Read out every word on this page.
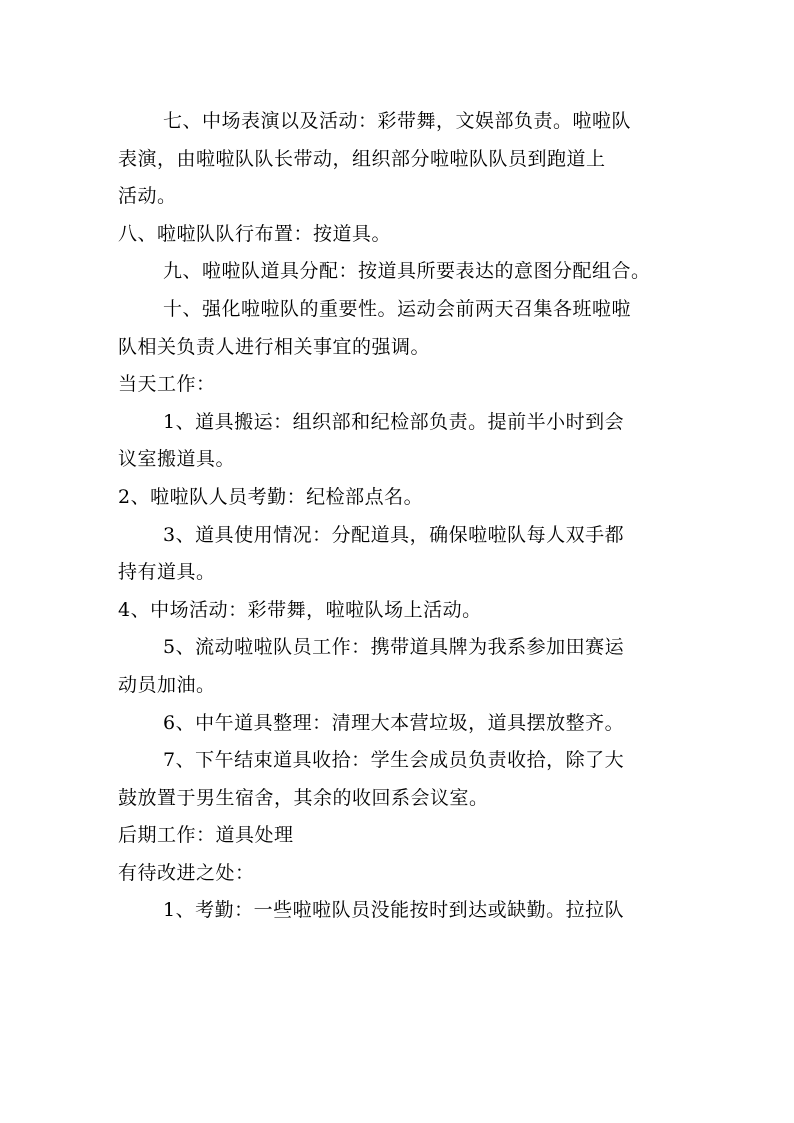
七、中场表演以及活动：彩带舞，文娱部负责。啦啦队
表演，由啦啦队队长带动，组织部分啦啦队队员到跑道上
活动。
八、啦啦队队行布置：按道具。
九、啦啦队道具分配：按道具所要表达的意图分配组合。
十、强化啦啦队的重要性。运动会前两天召集各班啦啦
队相关负责人进行相关事宜的强调。
当天工作：
1、道具搬运：组织部和纪检部负责。提前半小时到会
议室搬道具。
2、啦啦队人员考勤：纪检部点名。
3、道具使用情况：分配道具，确保啦啦队每人双手都
持有道具。
4、中场活动：彩带舞，啦啦队场上活动。
5、流动啦啦队员工作：携带道具牌为我系参加田赛运
动员加油。
6、中午道具整理：清理大本营垃圾，道具摆放整齐。
7、下午结束道具收拾：学生会成员负责收拾，除了大
鼓放置于男生宿舍，其余的收回系会议室。
后期工作：道具处理
有待改进之处：
1、考勤：一些啦啦队员没能按时到达或缺勤。拉拉队
